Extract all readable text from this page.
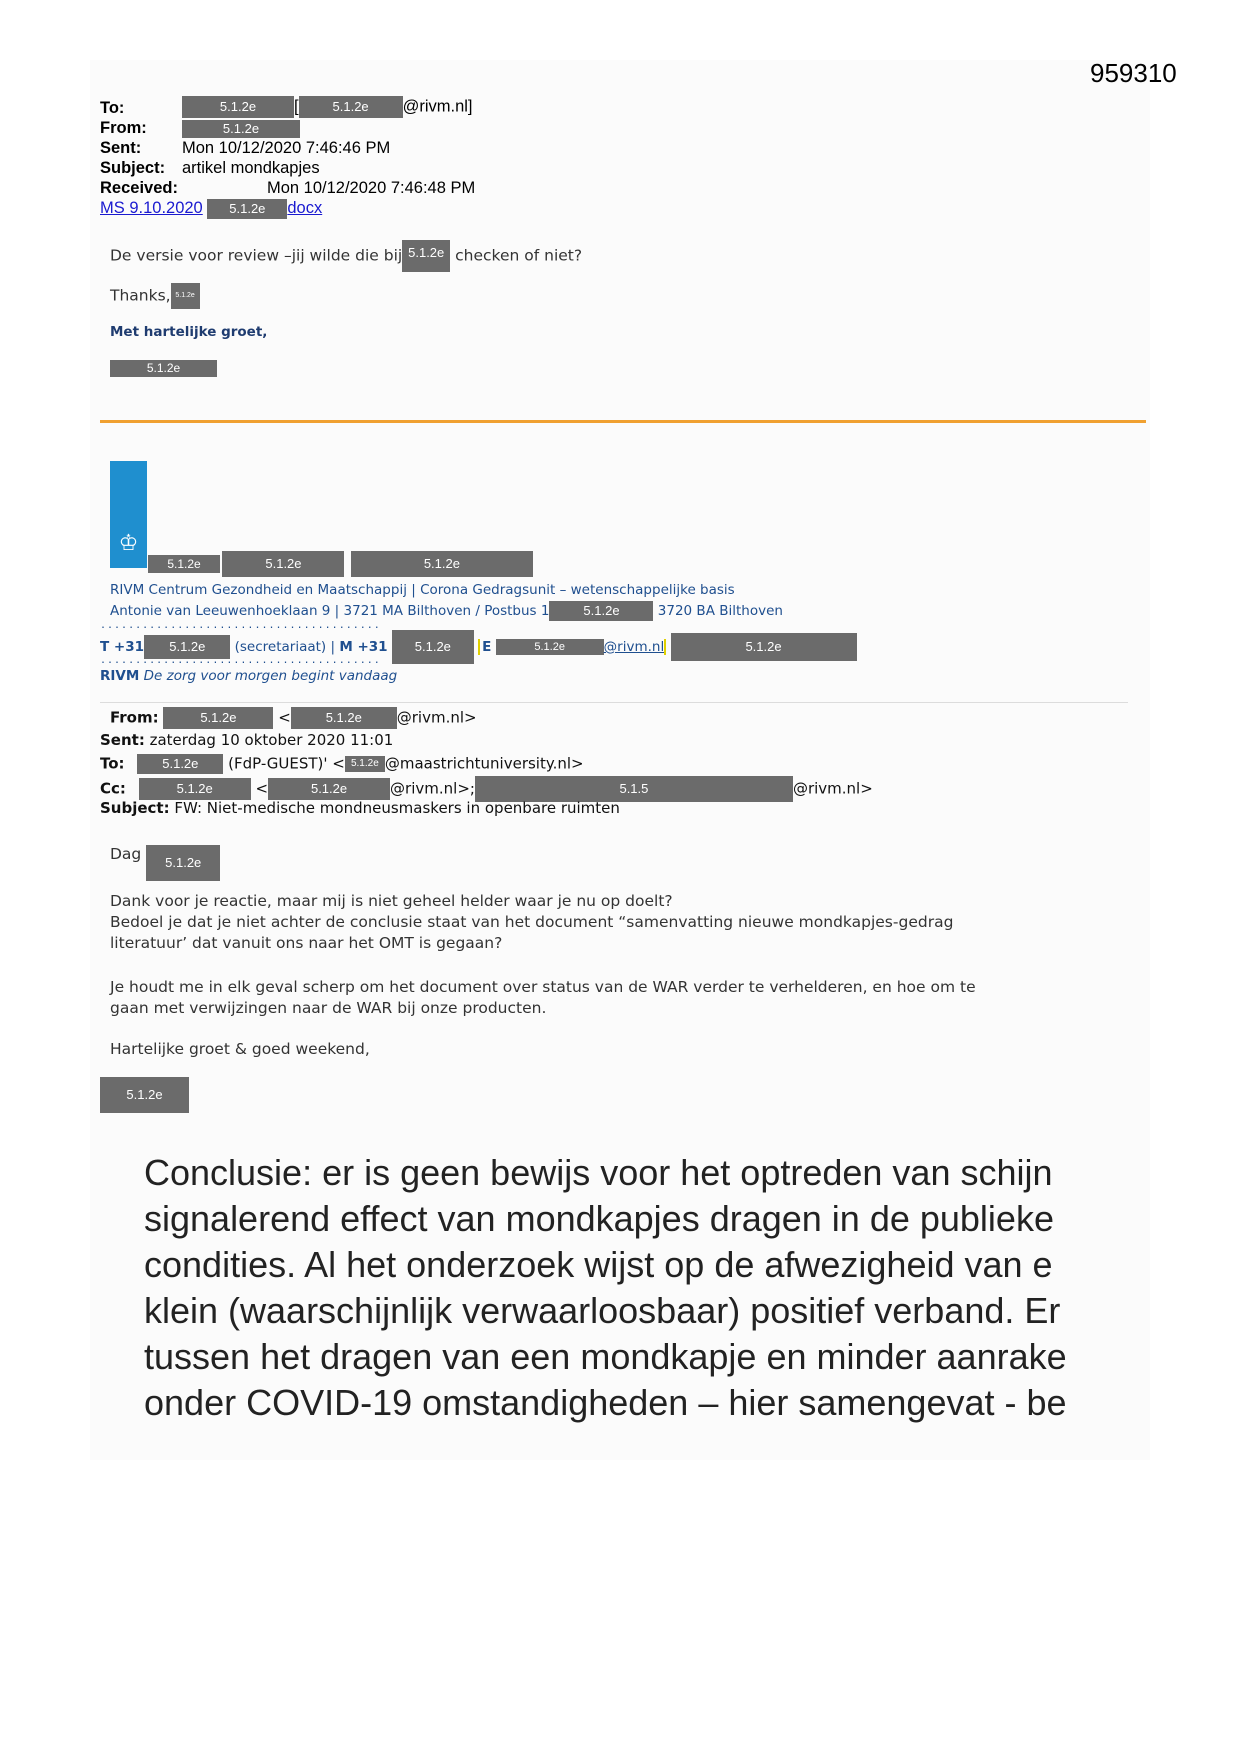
959310
To:	5.1.2e [	5.1.2e @rivm.nl]
From:	5.1.2e
Sent: Mon 10/12/2020 7:46:46 PM
Subject: artikel mondkapjes
Received:	Mon 10/12/2020 7:46:48 PM
MS 9.10.2020 5.1.2e docx
De versie voor review –jij wilde die bij 5.1.2e checken of niet?
Thanks, 5.1.2e
Met hartelijke groet,
5.1.2e
♔
5.1.2e	5.1.2e	5.1.2e
RIVM Centrum Gezondheid en Maatschappij | Corona Gedragsunit – wetenschappelijke basis
Antonie van Leeuwenhoeklaan 9 | 3721 MA Bilthoven / Postbus 1	5.1.2e	3720 BA Bilthoven
........................................
T +31 5.1.2e (secretariaat) | M +31 5.1.2e E	5.1.2e	@rivm.nl	5.1.2e
........................................
RIVM De zorg voor morgen begint vandaag
From:	5.1.2e	<	5.1.2e @rivm.nl>
Sent: zaterdag 10 oktober 2020 11:01
To:	5.1.2e (FdP-GUEST)' < 5.1.2e @maastrichtuniversity.nl>
Cc:	5.1.2e	<	5.1.2e	@rivm.nl>;	5.1.5	@rivm.nl>
Subject: FW: Niet-medische mondneusmaskers in openbare ruimten
Dag 5.1.2e
Dank voor je reactie, maar mij is niet geheel helder waar je nu op doelt?
Bedoel je dat je niet achter de conclusie staat van het document “samenvatting nieuwe mondkapjes-gedrag
literatuur’ dat vanuit ons naar het OMT is gegaan?
Je houdt me in elk geval scherp om het document over status van de WAR verder te verhelderen, en hoe om te
gaan met verwijzingen naar de WAR bij onze producten.
Hartelijke groet & goed weekend,
5.1.2e
Conclusie: er is geen bewijs voor het optreden van schijn
signalerend effect van mondkapjes dragen in de publieke
condities. Al het onderzoek wijst op de afwezigheid van e
klein (waarschijnlijk verwaarloosbaar) positief verband. Er
tussen het dragen van een mondkapje en minder aanrake
onder COVID-19 omstandigheden – hier samengevat - be
